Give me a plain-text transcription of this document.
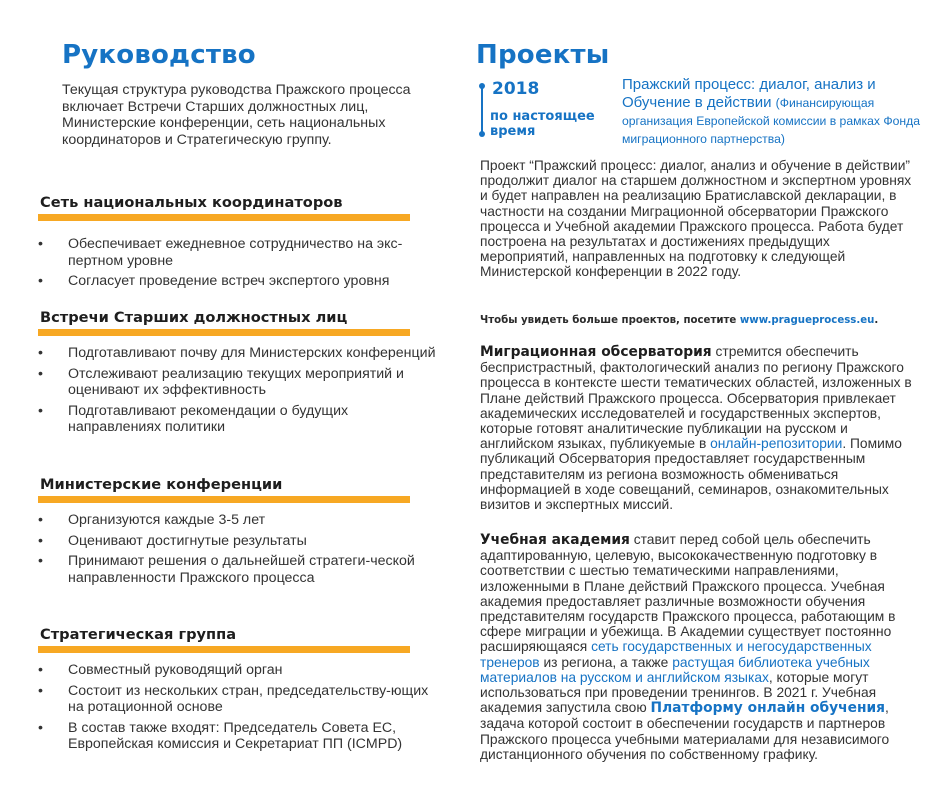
Руководство
Текущая структура руководства Пражского процесса включает Встречи Старших должностных лиц, Министерские конференции, сеть национальных координаторов и Стратегическую группу.
Сеть национальных координаторов
• Обеспечивает ежедневное сотрудничество на экс-пертном уровне
• Согласует проведение встреч экспертого уровня
Встречи Старших должностных лиц
• Подготавливают почву для Министерских конференций
• Отслеживают реализацию текущих мероприятий и оценивают их эффективность
• Подготавливают рекомендации о будущих направлениях политики
Министерские конференции
• Организуются каждые 3-5 лет
• Оценивают достигнутые результаты
• Принимают решения о дальнейшей стратеги-ческой направленности Пражского процесса
Стратегическая группа
• Совместный руководящий орган
• Состоит из нескольких стран, председательству-ющих на ротационной основе
• В состав также входят: Председатель Совета ЕС, Европейская комиссия и Секретариат ПП (ICMPD)
Проекты
2018
по настоящее время
Пражский процесс: диалог, анализ и Обучение в действии (Финансирующая организация Европейской комиссии в рамках Фонда миграционного партнерства)
Проект “Пражский процесс: диалог, анализ и обучение в действии” продолжит диалог на старшем должностном и экспертном уровнях и будет направлен на реализацию Братиславской декларации, в частности на создании Миграционной обсерватории Пражского процесса и Учебной академии Пражского процесса. Работа будет построена на результатах и достижениях предыдущих мероприятий, направленных на подготовку к следующей Министерской конференции в 2022 году.
Чтобы увидеть больше проектов, посетите www.pragueprocess.eu.
Миграционная обсерватория стремится обеспечить беспристрастный, фактологический анализ по региону Пражского процесса в контексте шести тематических областей, изложенных в Плане действий Пражского процесса. Обсерватория привлекает академических исследователей и государственных экспертов, которые готовят аналитические публикации на русском и английском языках, публикуемые в онлайн-репозитории. Помимо публикаций Обсерватория предоставляет государственным представителям из региона возможность обмениваться информацией в ходе совещаний, семинаров, ознакомительных визитов и экспертных миссий.
Учебная академия ставит перед собой цель обеспечить адаптированную, целевую, высококачественную подготовку в соответствии с шестью тематическими направлениями, изложенными в Плане действий Пражского процесса. Учебная академия предоставляет различные возможности обучения представителям государств Пражского процесса, работающим в сфере миграции и убежища. В Академии существует постоянно расширяющаяся сеть государственных и негосударственных тренеров из региона, а также растущая библиотека учебных материалов на русском и английском языках, которые могут использоваться при проведении тренингов. В 2021 г. Учебная академия запустила свою Платформу онлайн обучения, задача которой состоит в обеспечении государств и партнеров Пражского процесса учебными материалами для независимого дистанционного обучения по собственному графику.
